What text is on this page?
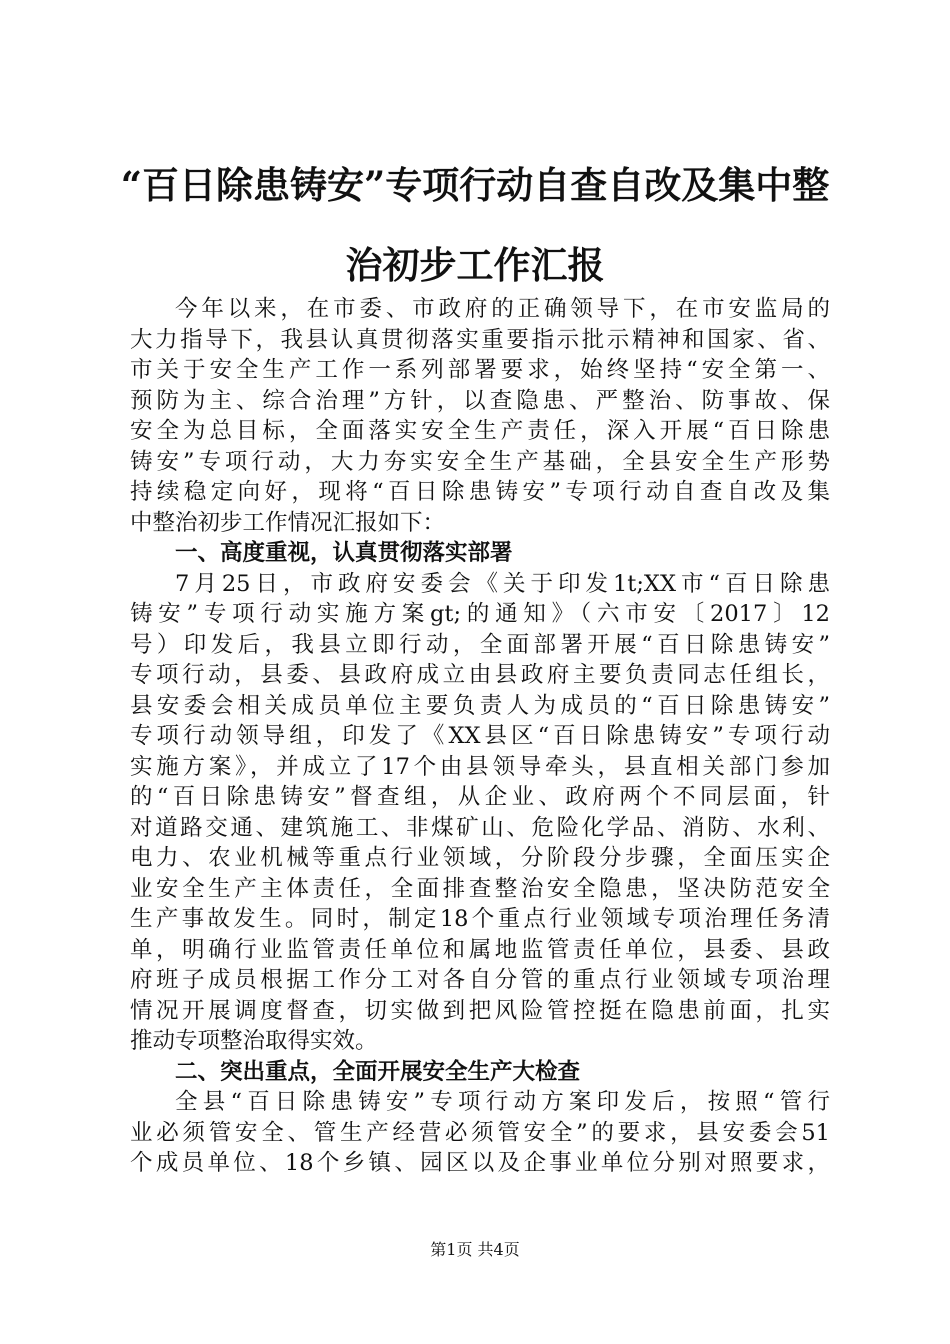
“百日除患铸安”专项行动自查自改及集中整
治初步工作汇报
今年以来，在市委、市政府的正确领导下，在市安监局的
大力指导下，我县认真贯彻落实重要指示批示精神和国家、省、
市关于安全生产工作一系列部署要求，始终坚持“安全第一、
预防为主、综合治理”方针，以查隐患、严整治、防事故、保
安全为总目标，全面落实安全生产责任，深入开展“百日除患
铸安”专项行动，大力夯实安全生产基础，全县安全生产形势
持续稳定向好，现将“百日除患铸安”专项行动自查自改及集
中整治初步工作情况汇报如下：
一、高度重视，认真贯彻落实部署
7月25日，市政府安委会《关于印发1t;XX市“百日除患
铸安”专项行动实施方案gt;的通知》（六市安〔2017〕12
号）印发后，我县立即行动，全面部署开展“百日除患铸安”
专项行动，县委、县政府成立由县政府主要负责同志任组长，
县安委会相关成员单位主要负责人为成员的“百日除患铸安”
专项行动领导组，印发了《XX县区“百日除患铸安”专项行动
实施方案》，并成立了17个由县领导牵头，县直相关部门参加
的“百日除患铸安”督查组，从企业、政府两个不同层面，针
对道路交通、建筑施工、非煤矿山、危险化学品、消防、水利、
电力、农业机械等重点行业领域，分阶段分步骤，全面压实企
业安全生产主体责任，全面排查整治安全隐患，坚决防范安全
生产事故发生。同时，制定18个重点行业领域专项治理任务清
单，明确行业监管责任单位和属地监管责任单位，县委、县政
府班子成员根据工作分工对各自分管的重点行业领域专项治理
情况开展调度督查，切实做到把风险管控挺在隐患前面，扎实
推动专项整治取得实效。
二、突出重点，全面开展安全生产大检查
全县“百日除患铸安”专项行动方案印发后，按照“管行
业必须管安全、管生产经营必须管安全”的要求，县安委会51
个成员单位、18个乡镇、园区以及企事业单位分别对照要求，
第1页 共4页
